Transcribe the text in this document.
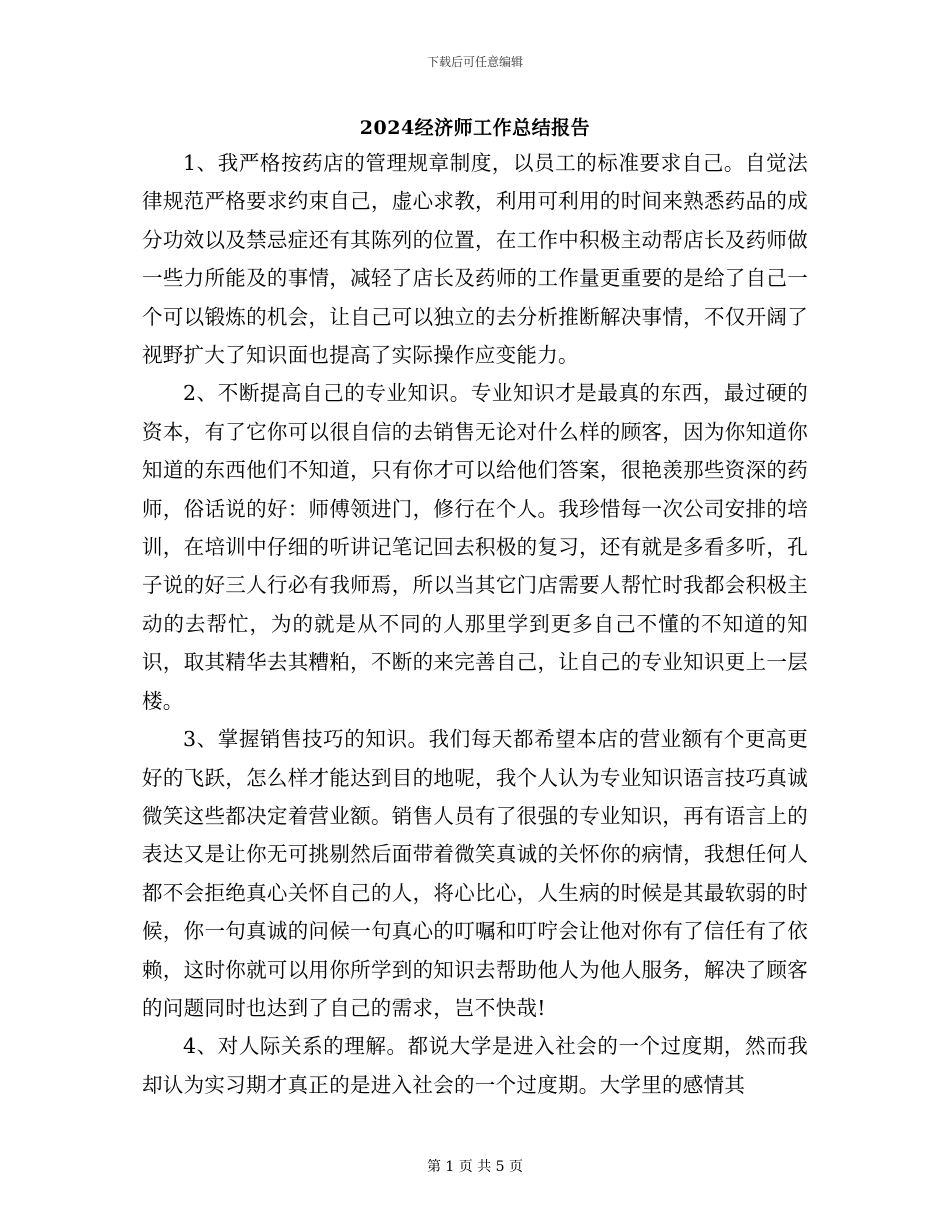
下载后可任意编辑
2024经济师工作总结报告

1、我严格按药店的管理规章制度，以员工的标准要求自己。自觉法律规范严格要求约束自己，虚心求教，利用可利用的时间来熟悉药品的成分功效以及禁忌症还有其陈列的位置，在工作中积极主动帮店长及药师做一些力所能及的事情，减轻了店长及药师的工作量更重要的是给了自己一个可以锻炼的机会，让自己可以独立的去分析推断解决事情，不仅开阔了视野扩大了知识面也提高了实际操作应变能力。

2、不断提高自己的专业知识。专业知识才是最真的东西，最过硬的资本，有了它你可以很自信的去销售无论对什么样的顾客，因为你知道你知道的东西他们不知道，只有你才可以给他们答案，很艳羡那些资深的药师，俗话说的好：师傅领进门，修行在个人。我珍惜每一次公司安排的培训，在培训中仔细的听讲记笔记回去积极的复习，还有就是多看多听，孔子说的好三人行必有我师焉，所以当其它门店需要人帮忙时我都会积极主动的去帮忙，为的就是从不同的人那里学到更多自己不懂的不知道的知识，取其精华去其糟粕，不断的来完善自己，让自己的专业知识更上一层楼。

3、掌握销售技巧的知识。我们每天都希望本店的营业额有个更高更好的飞跃，怎么样才能达到目的地呢，我个人认为专业知识语言技巧真诚微笑这些都决定着营业额。销售人员有了很强的专业知识，再有语言上的表达又是让你无可挑剔然后面带着微笑真诚的关怀你的病情，我想任何人都不会拒绝真心关怀自己的人，将心比心，人生病的时候是其最软弱的时候，你一句真诚的问候一句真心的叮嘱和叮咛会让他对你有了信任有了依赖，这时你就可以用你所学到的知识去帮助他人为他人服务，解决了顾客的问题同时也达到了自己的需求，岂不快哉!

4、对人际关系的理解。都说大学是进入社会的一个过度期，然而我却认为实习期才真正的是进入社会的一个过度期。大学里的感情其

第 1 页 共 5 页
